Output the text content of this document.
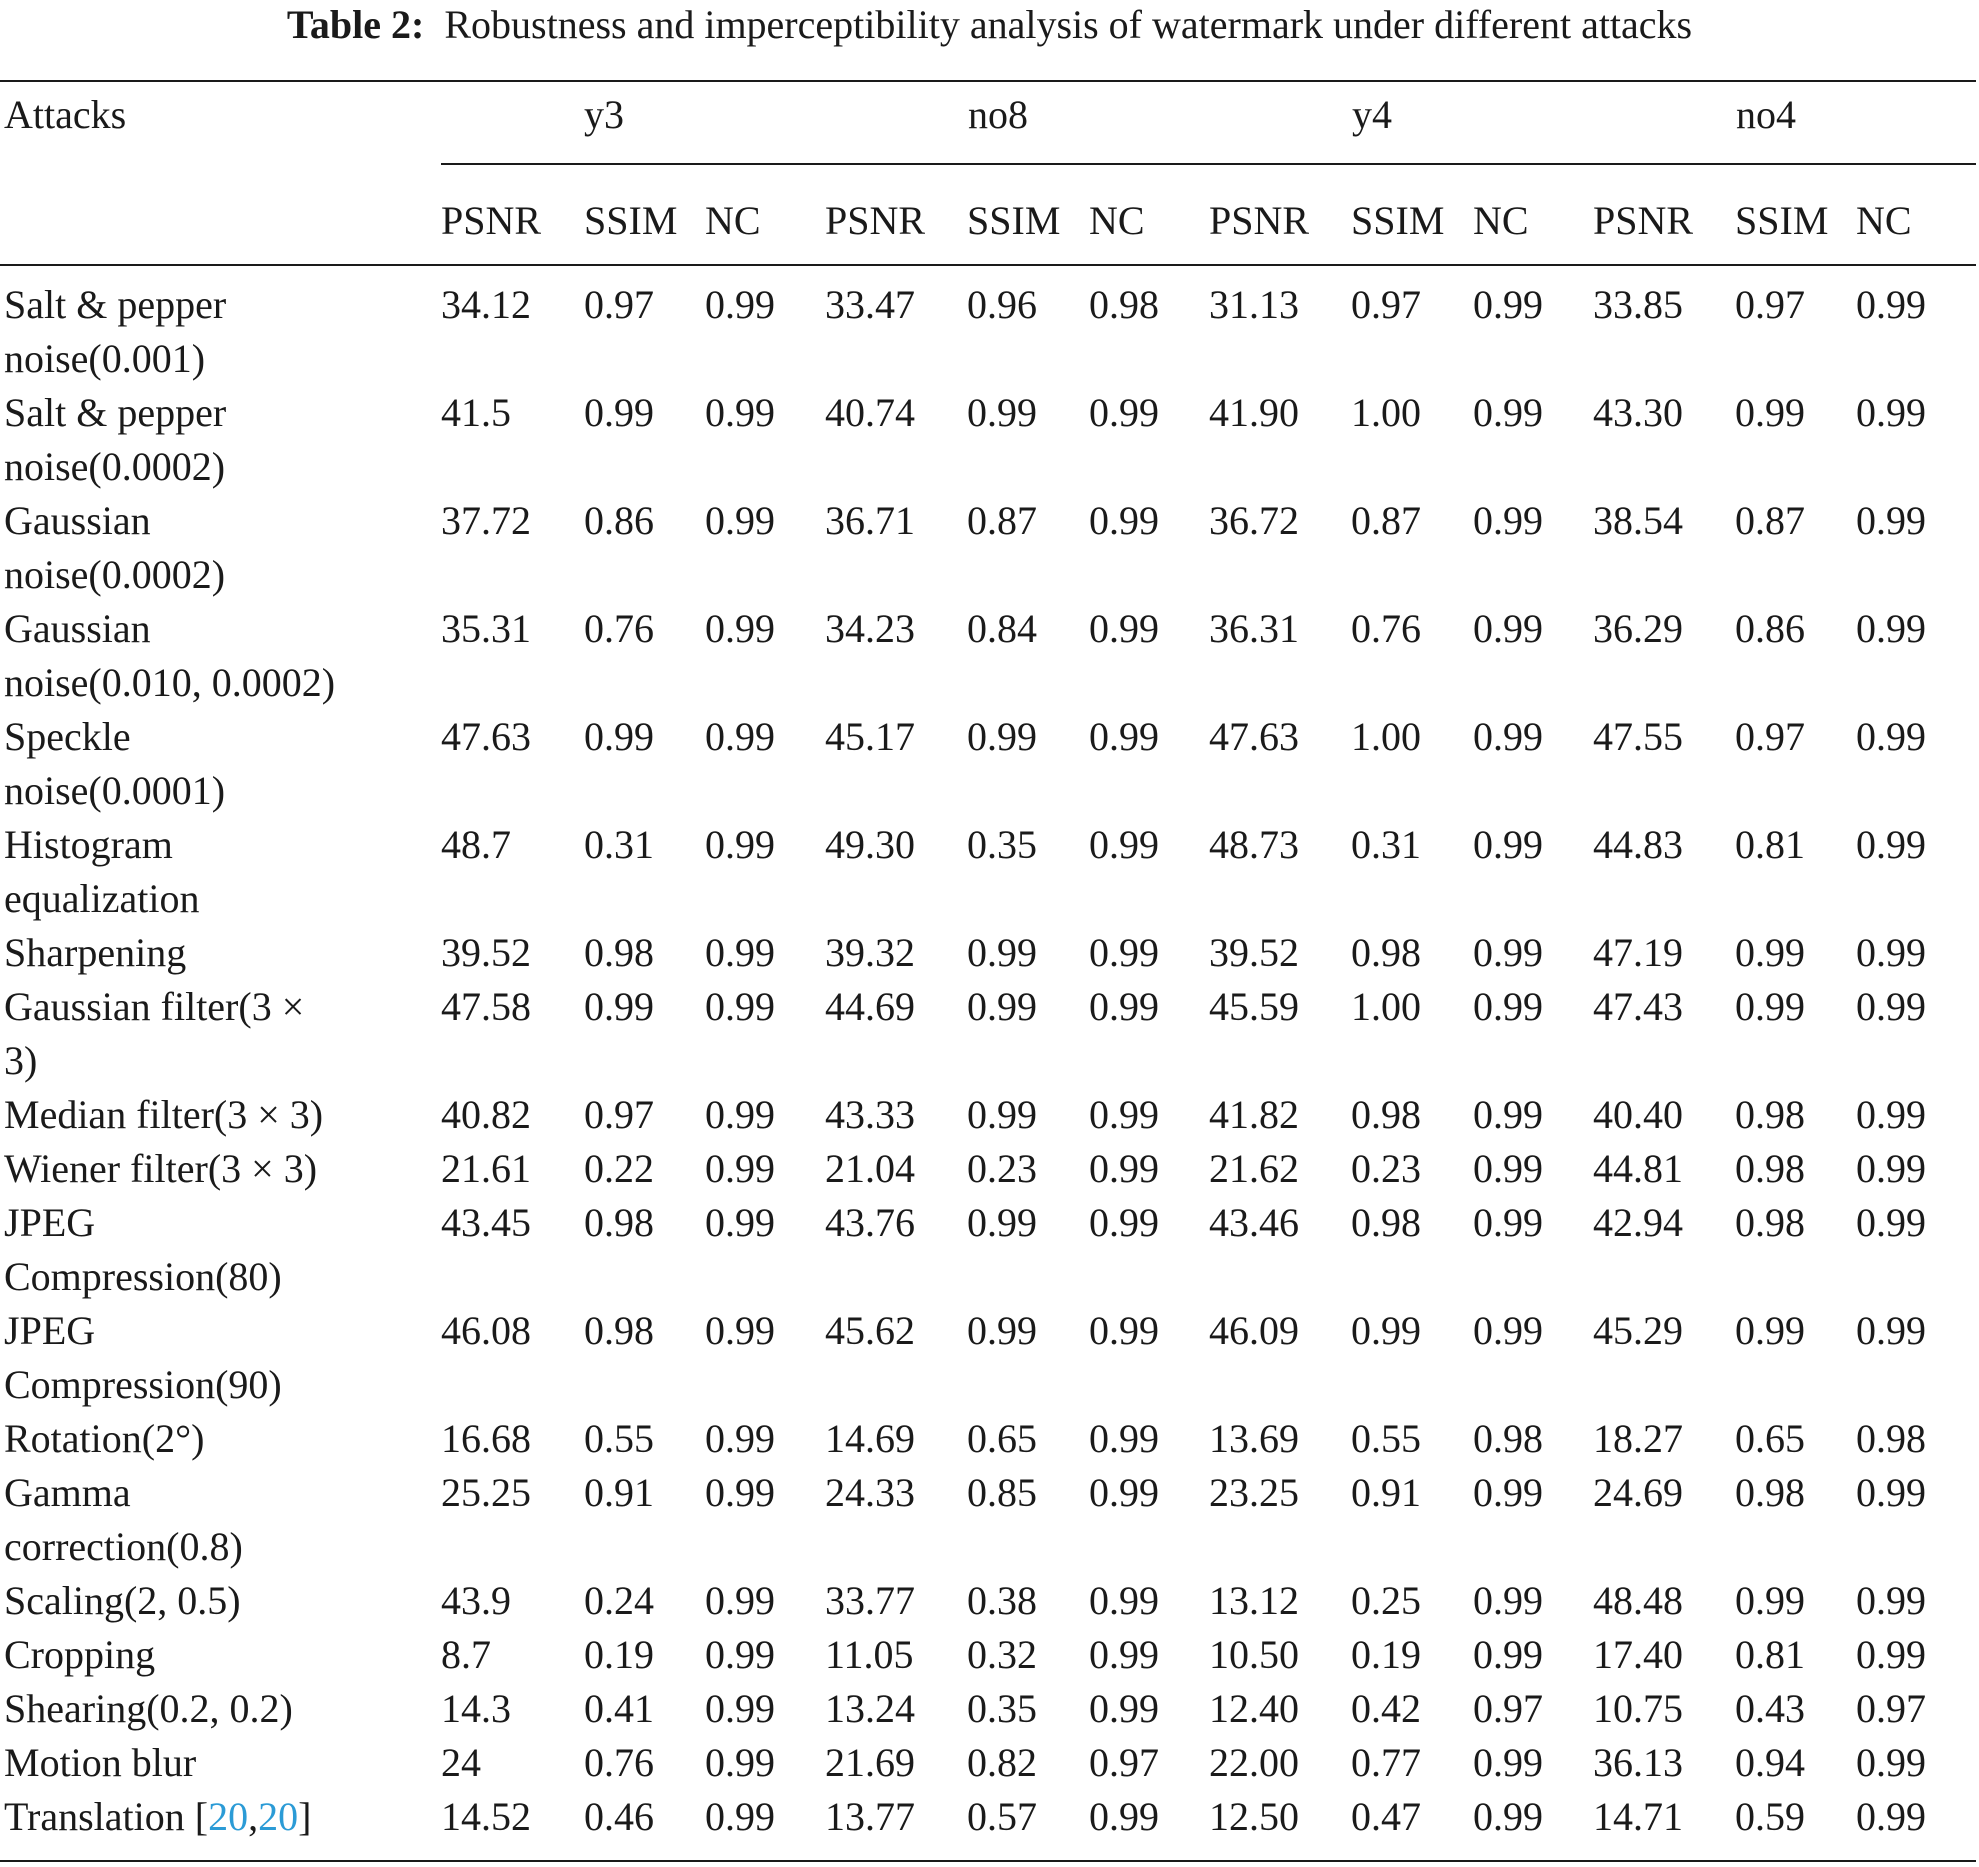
Table 2: Robustness and imperceptibility analysis of watermark under different attacks
Attacks	y3	no8	y4	no4
PSNR SSIM NC PSNR SSIM NC PSNR SSIM NC PSNR SSIM NC
Salt & pepper
noise(0.001)
34.12 0.97 0.99 33.47 0.96 0.98 31.13 0.97 0.99 33.85 0.97 0.99
Salt & pepper
noise(0.0002)
41.5 0.99 0.99 40.74 0.99 0.99 41.90 1.00 0.99 43.30 0.99 0.99
Gaussian
noise(0.0002)
37.72 0.86 0.99 36.71 0.87 0.99 36.72 0.87 0.99 38.54 0.87 0.99
Gaussian
noise(0.010, 0.0002)
35.31 0.76 0.99 34.23 0.84 0.99 36.31 0.76 0.99 36.29 0.86 0.99
Speckle
noise(0.0001)
47.63 0.99 0.99 45.17 0.99 0.99 47.63 1.00 0.99 47.55 0.97 0.99
Histogram
equalization
48.7 0.31 0.99 49.30 0.35 0.99 48.73 0.31 0.99 44.83 0.81 0.99
Sharpening	39.52 0.98 0.99 39.32 0.99 0.99 39.52 0.98 0.99 47.19 0.99 0.99
Gaussian filter(3 ×
3)
47.58 0.99 0.99 44.69 0.99 0.99 45.59 1.00 0.99 47.43 0.99 0.99
Median filter(3 × 3)	40.82 0.97 0.99 43.33 0.99 0.99 41.82 0.98 0.99 40.40 0.98 0.99
Wiener filter(3 × 3)	21.61 0.22 0.99 21.04 0.23 0.99 21.62 0.23 0.99 44.81 0.98 0.99
JPEG
Compression(80)
43.45 0.98 0.99 43.76 0.99 0.99 43.46 0.98 0.99 42.94 0.98 0.99
JPEG
Compression(90)
46.08 0.98 0.99 45.62 0.99 0.99 46.09 0.99 0.99 45.29 0.99 0.99
Rotation(2°)	16.68 0.55 0.99 14.69 0.65 0.99 13.69 0.55 0.98 18.27 0.65 0.98
Gamma
correction(0.8)
25.25 0.91 0.99 24.33 0.85 0.99 23.25 0.91 0.99 24.69 0.98 0.99
Scaling(2, 0.5)	43.9 0.24 0.99 33.77 0.38 0.99 13.12 0.25 0.99 48.48 0.99 0.99
Cropping	8.7 0.19 0.99 11.05 0.32 0.99 10.50 0.19 0.99 17.40 0.81 0.99
Shearing(0.2, 0.2)	14.3 0.41 0.99 13.24 0.35 0.99 12.40 0.42 0.97 10.75 0.43 0.97
Motion blur	24	0.76 0.99 21.69 0.82 0.97 22.00 0.77 0.99 36.13 0.94 0.99
Translation [20,20]	14.52 0.46 0.99 13.77 0.57 0.99 12.50 0.47 0.99 14.71 0.59 0.99
